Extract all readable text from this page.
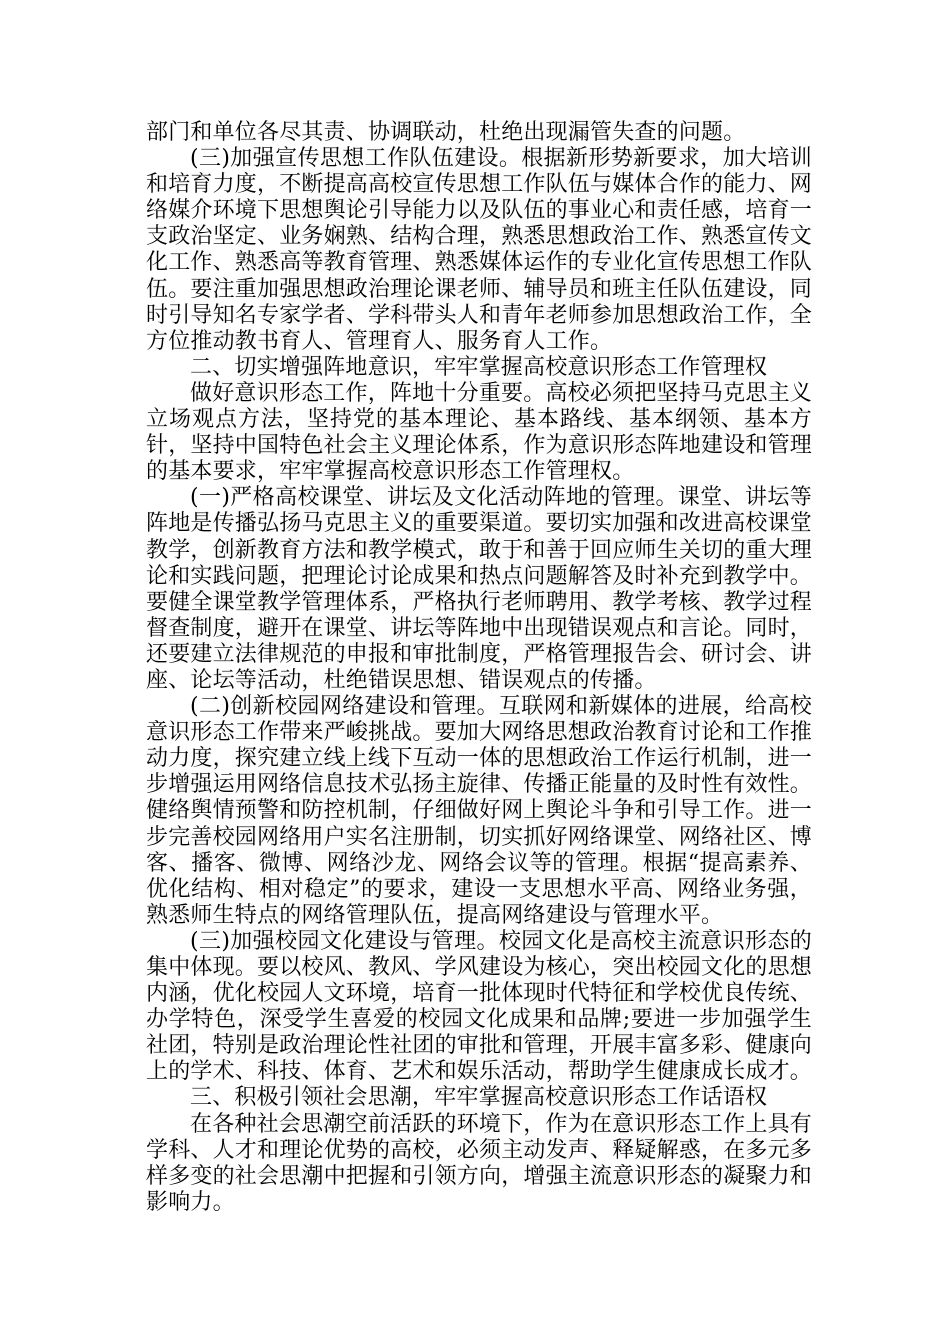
部门和单位各尽其责、协调联动，杜绝出现漏管失查的问题。

(三)加强宣传思想工作队伍建设。根据新形势新要求，加大培训和培育力度，不断提高高校宣传思想工作队伍与媒体合作的能力、网络媒介环境下思想舆论引导能力以及队伍的事业心和责任感，培育一支政治坚定、业务娴熟、结构合理，熟悉思想政治工作、熟悉宣传文化工作、熟悉高等教育管理、熟悉媒体运作的专业化宣传思想工作队伍。要注重加强思想政治理论课老师、辅导员和班主任队伍建设，同时引导知名专家学者、学科带头人和青年老师参加思想政治工作，全方位推动教书育人、管理育人、服务育人工作。

二、切实增强阵地意识，牢牢掌握高校意识形态工作管理权

做好意识形态工作，阵地十分重要。高校必须把坚持马克思主义立场观点方法，坚持党的基本理论、基本路线、基本纲领、基本方针，坚持中国特色社会主义理论体系，作为意识形态阵地建设和管理的基本要求，牢牢掌握高校意识形态工作管理权。

(一)严格高校课堂、讲坛及文化活动阵地的管理。课堂、讲坛等阵地是传播弘扬马克思主义的重要渠道。要切实加强和改进高校课堂教学，创新教育方法和教学模式，敢于和善于回应师生关切的重大理论和实践问题，把理论讨论成果和热点问题解答及时补充到教学中。要健全课堂教学管理体系，严格执行老师聘用、教学考核、教学过程督查制度，避开在课堂、讲坛等阵地中出现错误观点和言论。同时，还要建立法律规范的申报和审批制度，严格管理报告会、研讨会、讲座、论坛等活动，杜绝错误思想、错误观点的传播。

(二)创新校园网络建设和管理。互联网和新媒体的进展，给高校意识形态工作带来严峻挑战。要加大网络思想政治教育讨论和工作推动力度，探究建立线上线下互动一体的思想政治工作运行机制，进一步增强运用网络信息技术弘扬主旋律、传播正能量的及时性有效性。健络舆情预警和防控机制，仔细做好网上舆论斗争和引导工作。进一步完善校园网络用户实名注册制，切实抓好网络课堂、网络社区、博客、播客、微博、网络沙龙、网络会议等的管理。根据“提高素养、优化结构、相对稳定”的要求，建设一支思想水平高、网络业务强，熟悉师生特点的网络管理队伍，提高网络建设与管理水平。

(三)加强校园文化建设与管理。校园文化是高校主流意识形态的集中体现。要以校风、教风、学风建设为核心，突出校园文化的思想内涵，优化校园人文环境，培育一批体现时代特征和学校优良传统、办学特色，深受学生喜爱的校园文化成果和品牌;要进一步加强学生社团，特别是政治理论性社团的审批和管理，开展丰富多彩、健康向上的学术、科技、体育、艺术和娱乐活动，帮助学生健康成长成才。

三、积极引领社会思潮，牢牢掌握高校意识形态工作话语权

在各种社会思潮空前活跃的环境下，作为在意识形态工作上具有学科、人才和理论优势的高校，必须主动发声、释疑解惑，在多元多样多变的社会思潮中把握和引领方向，增强主流意识形态的凝聚力和影响力。
